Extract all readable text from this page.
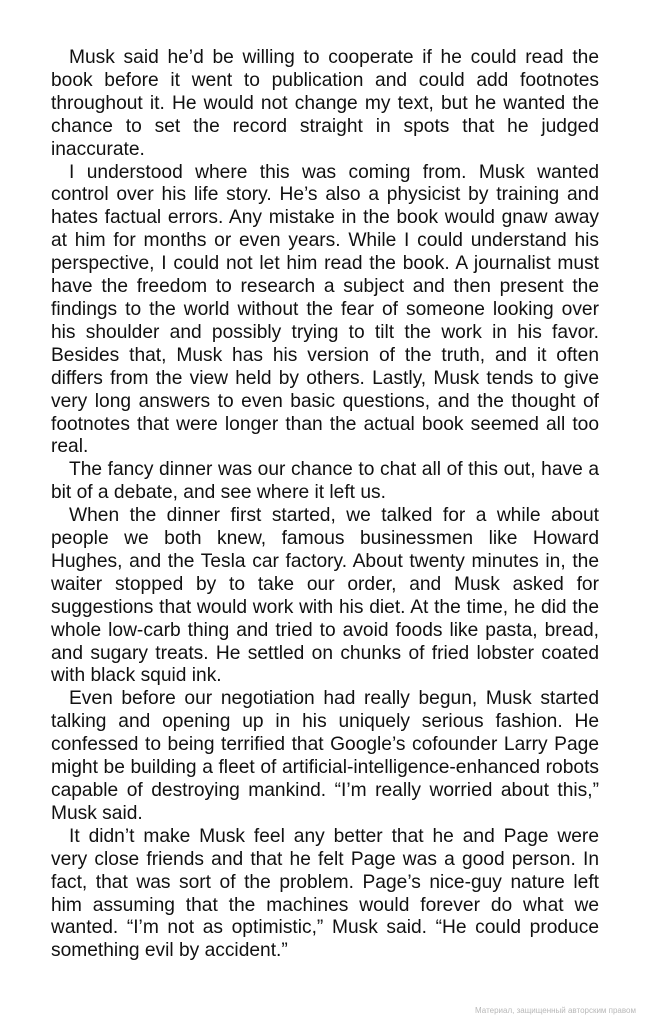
Musk said he’d be willing to cooperate if he could read the book before it went to publication and could add footnotes throughout it. He would not change my text, but he wanted the chance to set the record straight in spots that he judged inaccurate.

I understood where this was coming from. Musk wanted control over his life story. He’s also a physicist by training and hates factual errors. Any mistake in the book would gnaw away at him for months or even years. While I could understand his perspective, I could not let him read the book. A journalist must have the freedom to research a subject and then present the findings to the world without the fear of someone looking over his shoulder and possibly trying to tilt the work in his favor. Besides that, Musk has his version of the truth, and it often differs from the view held by others. Lastly, Musk tends to give very long answers to even basic questions, and the thought of footnotes that were longer than the actual book seemed all too real.

The fancy dinner was our chance to chat all of this out, have a bit of a debate, and see where it left us.

When the dinner first started, we talked for a while about people we both knew, famous businessmen like Howard Hughes, and the Tesla car factory. About twenty minutes in, the waiter stopped by to take our order, and Musk asked for suggestions that would work with his diet. At the time, he did the whole low-carb thing and tried to avoid foods like pasta, bread, and sugary treats. He settled on chunks of fried lobster coated with black squid ink.

Even before our negotiation had really begun, Musk started talking and opening up in his uniquely serious fashion. He confessed to being terrified that Google’s cofounder Larry Page might be building a fleet of artificial-intelligence-enhanced robots capable of destroying mankind. “I’m really worried about this,” Musk said.

It didn’t make Musk feel any better that he and Page were very close friends and that he felt Page was a good person. In fact, that was sort of the problem. Page’s nice-guy nature left him assuming that the machines would forever do what we wanted. “I’m not as optimistic,” Musk said. “He could produce something evil by accident.”

Материал, защищенный авторским правом
